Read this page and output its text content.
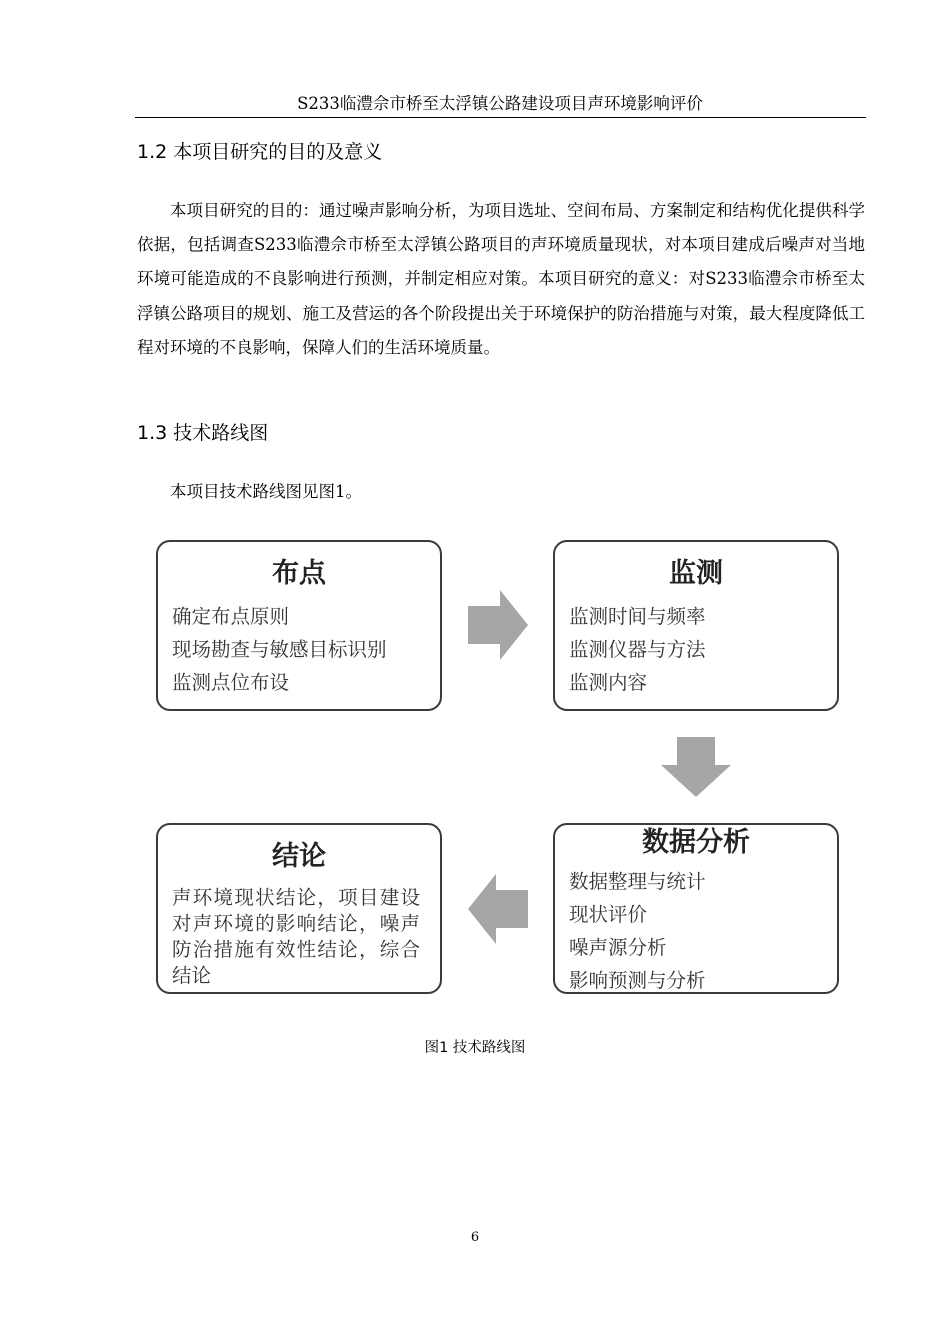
S233临澧佘市桥至太浮镇公路建设项目声环境影响评价
1.2 本项目研究的目的及意义
本项目研究的目的：通过噪声影响分析，为项目选址、空间布局、方案制定和结构优化提供科学依据，包括调查S233临澧佘市桥至太浮镇公路项目的声环境质量现状，对本项目建成后噪声对当地环境可能造成的不良影响进行预测，并制定相应对策。本项目研究的意义：对S233临澧佘市桥至太浮镇公路项目的规划、施工及营运的各个阶段提出关于环境保护的防治措施与对策，最大程度降低工程对环境的不良影响，保障人们的生活环境质量。
1.3 技术路线图
本项目技术路线图见图1。
布点
确定布点原则
现场勘查与敏感目标识别
监测点位布设
监测
监测时间与频率
监测仪器与方法
监测内容
数据分析
数据整理与统计
现状评价
噪声源分析
影响预测与分析
结论
声环境现状结论，项目建设对声环境的影响结论，噪声防治措施有效性结论，综合结论
图1 技术路线图
6
